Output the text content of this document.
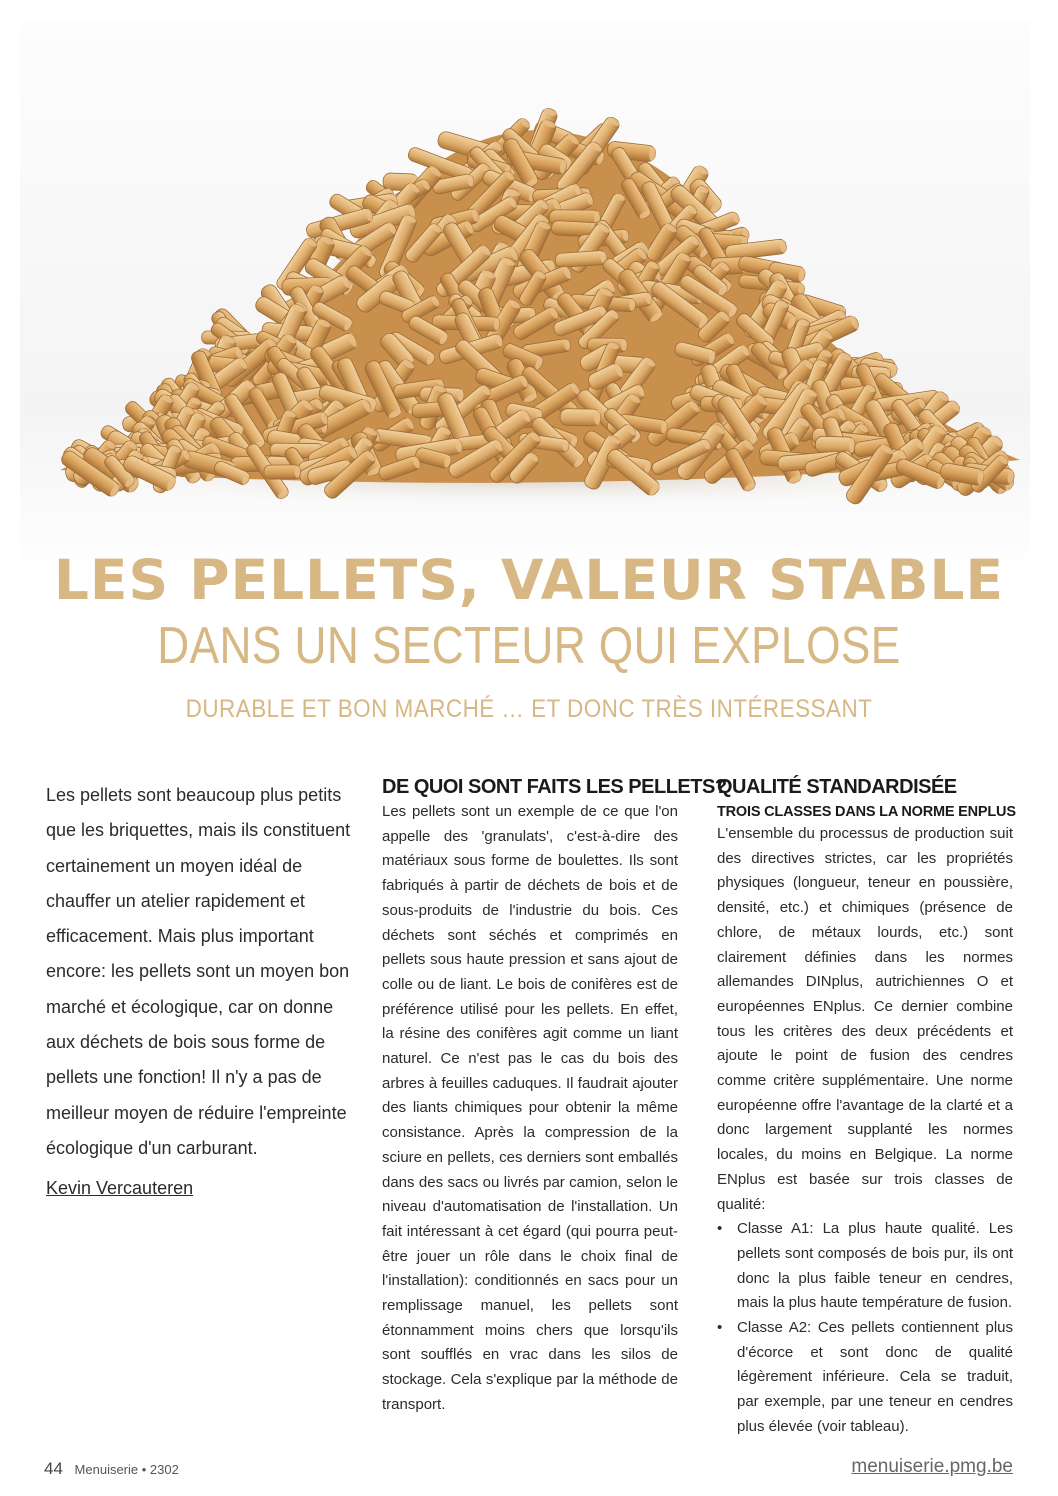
LES PELLETS, VALEUR STABLE
DANS UN SECTEUR QUI EXPLOSE
DURABLE ET BON MARCHÉ … ET DONC TRÈS INTÉRESSANT
Les pellets sont beaucoup plus petits que les briquettes, mais ils constituent certainement un moyen idéal de chauffer un atelier rapidement et efficacement. Mais plus important encore: les pellets sont un moyen bon marché et écologique, car on donne aux déchets de bois sous forme de pellets une fonction! Il n'y a pas de meilleur moyen de réduire l'empreinte écologique d'un carburant.
Kevin Vercauteren
DE QUOI SONT FAITS LES PELLETS?

Les pellets sont un exemple de ce que l'on appelle des 'granulats', c'est-à-dire des matériaux sous forme de boulettes. Ils sont fabriqués à partir de déchets de bois et de sous-produits de l'industrie du bois. Ces déchets sont séchés et comprimés en pellets sous haute pression et sans ajout de colle ou de liant. Le bois de conifères est de préférence utilisé pour les pellets. En effet, la résine des conifères agit comme un liant naturel. Ce n'est pas le cas du bois des arbres à feuilles caduques. Il faudrait ajouter des liants chimiques pour obtenir la même consistance. Après la compression de la sciure en pellets, ces derniers sont emballés dans des sacs ou livrés par camion, selon le niveau d'automatisation de l'installation. Un fait intéressant à cet égard (qui pourra peut-être jouer un rôle dans le choix final de l'installation): conditionnés en sacs pour un remplissage manuel, les pellets sont étonnamment moins chers que lorsqu'ils sont soufflés en vrac dans les silos de stockage. Cela s'explique par la méthode de transport.

QUALITÉ STANDARDISÉE
TROIS CLASSES DANS LA NORME ENPLUS

L'ensemble du processus de production suit des directives strictes, car les propriétés physiques (longueur, teneur en poussière, densité, etc.) et chimiques (présence de chlore, de métaux lourds, etc.) sont clairement définies dans les normes allemandes DINplus, autrichiennes O et européennes ENplus. Ce dernier combine tous les critères des deux précédents et ajoute le point de fusion des cendres comme critère supplémentaire. Une norme européenne offre l'avantage de la clarté et a donc largement supplanté les normes locales, du moins en Belgique. La norme ENplus est basée sur trois classes de qualité:

• Classe A1: La plus haute qualité. Les pellets sont composés de bois pur, ils ont donc la plus faible teneur en cendres, mais la plus haute température de fusion.
• Classe A2: Ces pellets contiennent plus d'écorce et sont donc de qualité légèrement inférieure. Cela se traduit, par exemple, par une teneur en cendres plus élevée (voir tableau).
44 Menuiserie • 2302	menuiserie.pmg.be
